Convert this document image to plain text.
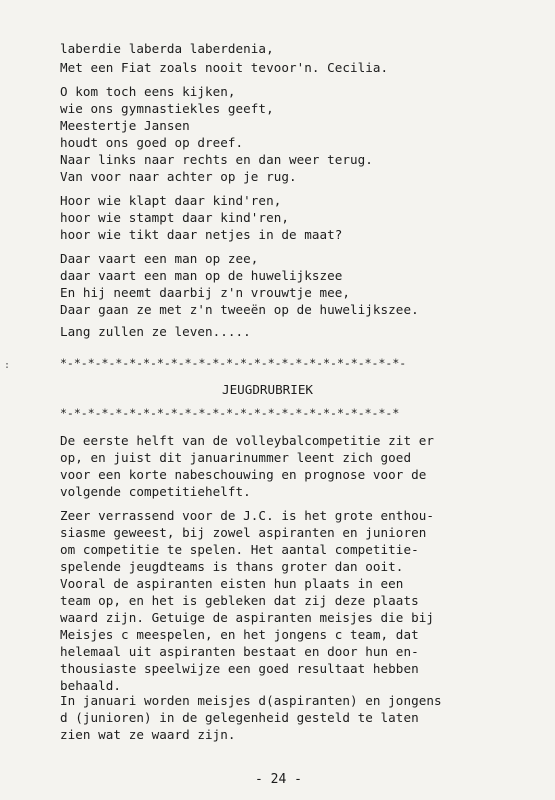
:
laberdie laberda laberdenia,
Met een Fiat zoals nooit tevoor'n. Cecilia.
O kom toch eens kijken,
wie ons gymnastiekles geeft,
Meestertje Jansen
houdt ons goed op dreef.
Naar links naar rechts en dan weer terug.
Van voor naar achter op je rug.
Hoor wie klapt daar kind'ren,
hoor wie stampt daar kind'ren,
hoor wie tikt daar netjes in de maat?
Daar vaart een man op zee,
daar vaart een man op de huwelijkszee
En hij neemt daarbij z'n vrouwtje mee,
Daar gaan ze met z'n tweeën op de huwelijkszee.
Lang zullen ze leven.....
*-*-*-*-*-*-*-*-*-*-*-*-*-*-*-*-*-*-*-*-*-*-*-*-*-
JEUGDRUBRIEK
*-*-*-*-*-*-*-*-*-*-*-*-*-*-*-*-*-*-*-*-*-*-*-*-*
De eerste helft van de volleybalcompetitie zit er
op, en juist dit januarinummer leent zich goed
voor een korte nabeschouwing en prognose voor de
volgende competitiehelft.
Zeer verrassend voor de J.C. is het grote enthou-
siasme geweest, bij zowel aspiranten en junioren
om competitie te spelen. Het aantal competitie-
spelende jeugdteams is thans groter dan ooit.
Vooral de aspiranten eisten hun plaats in een
team op, en het is gebleken dat zij deze plaats
waard zijn. Getuige de aspiranten meisjes die bij
Meisjes c meespelen, en het jongens c team, dat
helemaal uit aspiranten bestaat en door hun en-
thousiaste speelwijze een goed resultaat hebben
behaald.
In januari worden meisjes d(aspiranten) en jongens
d (junioren) in de gelegenheid gesteld te laten
zien wat ze waard zijn.
- 24 -
